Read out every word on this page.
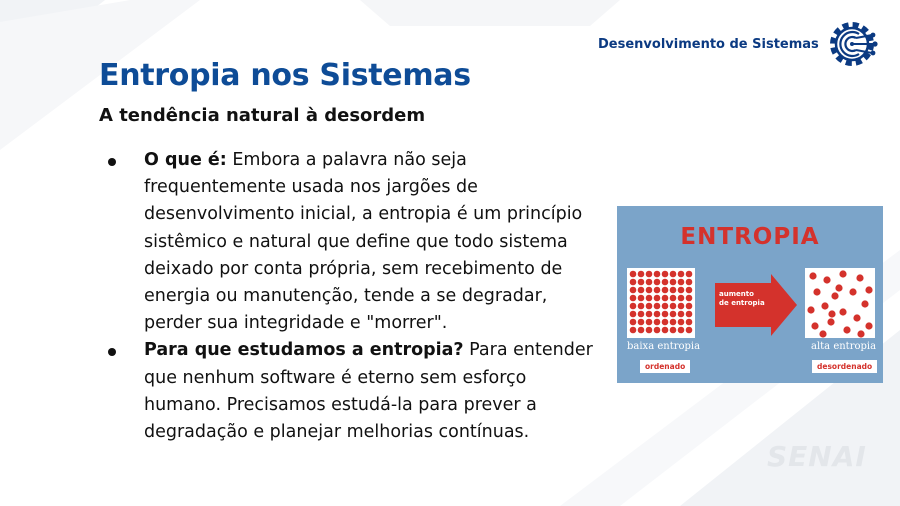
Desenvolvimento de Sistemas
Entropia nos Sistemas
A tendência natural à desordem
O que é: Embora a palavra não seja frequentemente usada nos jargões de desenvolvimento inicial, a entropia é um princípio sistêmico e natural que define que todo sistema deixado por conta própria, sem recebimento de energia ou manutenção, tende a se degradar, perder sua integridade e "morrer".
Para que estudamos a entropia? Para entender que nenhum software é eterno sem esforço humano. Precisamos estudá-la para prever a degradação e planejar melhorias contínuas.
ENTROPIA
aumento
de entropia
baixa entropia	alta entropia
ordenado	desordenado
SENAI
